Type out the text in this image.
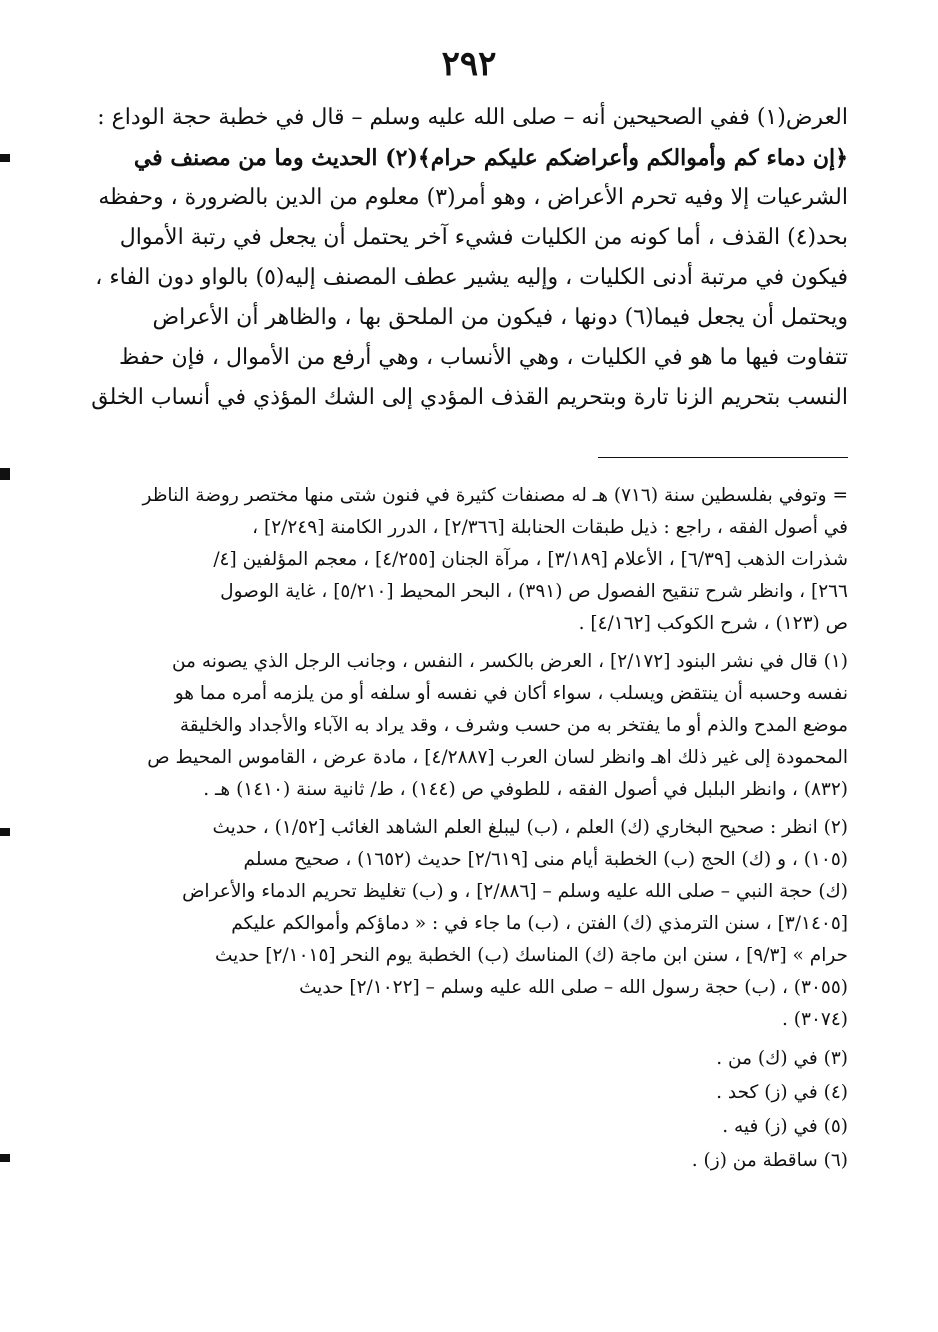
٢٩٢
العرض(١) ففي الصحيحين أنه – صلى الله عليه وسلم – قال في خطبة حجة الوداع :
﴿إن دماء كم وأموالكم وأعراضكم عليكم حرام﴾(٢) الحديث وما من مصنف في
الشرعيات إلا وفيه تحرم الأعراض ، وهو أمر(٣) معلوم من الدين بالضرورة ، وحفظه
بحد(٤) القذف ، أما كونه من الكليات فشيء آخر يحتمل أن يجعل في رتبة الأموال
فيكون في مرتبة أدنى الكليات ، وإليه يشير عطف المصنف إليه(٥) بالواو دون الفاء ،
ويحتمل أن يجعل فيما(٦) دونها ، فيكون من الملحق بها ، والظاهر أن الأعراض
تتفاوت فيها ما هو في الكليات ، وهي الأنساب ، وهي أرفع من الأموال ، فإن حفظ
النسب بتحريم الزنا تارة وبتحريم القذف المؤدي إلى الشك المؤذي في أنساب الخلق
= وتوفي بفلسطين سنة (٧١٦) هـ له مصنفات كثيرة في فنون شتى منها مختصر روضة الناظر
في أصول الفقه ، راجع : ذيل طبقات الحنابلة [٢/٣٦٦] ، الدرر الكامنة [٢/٢٤٩] ،
شذرات الذهب [٦/٣٩] ، الأعلام [٣/١٨٩] ، مرآة الجنان [٤/٢٥٥] ، معجم المؤلفين [٤/
٢٦٦] ، وانظر شرح تنقيح الفصول ص (٣٩١) ، البحر المحيط [٥/٢١٠] ، غاية الوصول
ص (١٢٣) ، شرح الكوكب [٤/١٦٢] .
(١) قال في نشر البنود [٢/١٧٢] ، العرض بالكسر ، النفس ، وجانب الرجل الذي يصونه من
نفسه وحسبه أن ينتقض ويسلب ، سواء أكان في نفسه أو سلفه أو من يلزمه أمره مما هو
موضع المدح والذم أو ما يفتخر به من حسب وشرف ، وقد يراد به الآباء والأجداد والخليقة
المحمودة إلى غير ذلك اهـ وانظر لسان العرب [٤/٢٨٨٧] ، مادة عرض ، القاموس المحيط ص
(٨٣٢) ، وانظر البلبل في أصول الفقه ، للطوفي ص (١٤٤) ، ط/ ثانية سنة (١٤١٠) هـ .
(٢) انظر : صحيح البخاري (ك) العلم ، (ب) ليبلغ العلم الشاهد الغائب [١/٥٢) ، حديث
(١٠٥) ، و (ك) الحج (ب) الخطبة أيام منى [٢/٦١٩] حديث (١٦٥٢) ، صحيح مسلم
(ك) حجة النبي – صلى الله عليه وسلم – [٢/٨٨٦] ، و (ب) تغليظ تحريم الدماء والأعراض
[٣/١٤٠٥] ، سنن الترمذي (ك) الفتن ، (ب) ما جاء في : « دماؤكم وأموالكم عليكم
حرام » [٩/٣] ، سنن ابن ماجة (ك) المناسك (ب) الخطبة يوم النحر [٢/١٠١٥] حديث
(٣٠٥٥) ، (ب) حجة رسول الله – صلى الله عليه وسلم – [٢/١٠٢٢] حديث
(٣٠٧٤) .
(٣) في (ك) من .
(٤) في (ز) كحد .
(٥) في (ز) فيه .
(٦) ساقطة من (ز) .
